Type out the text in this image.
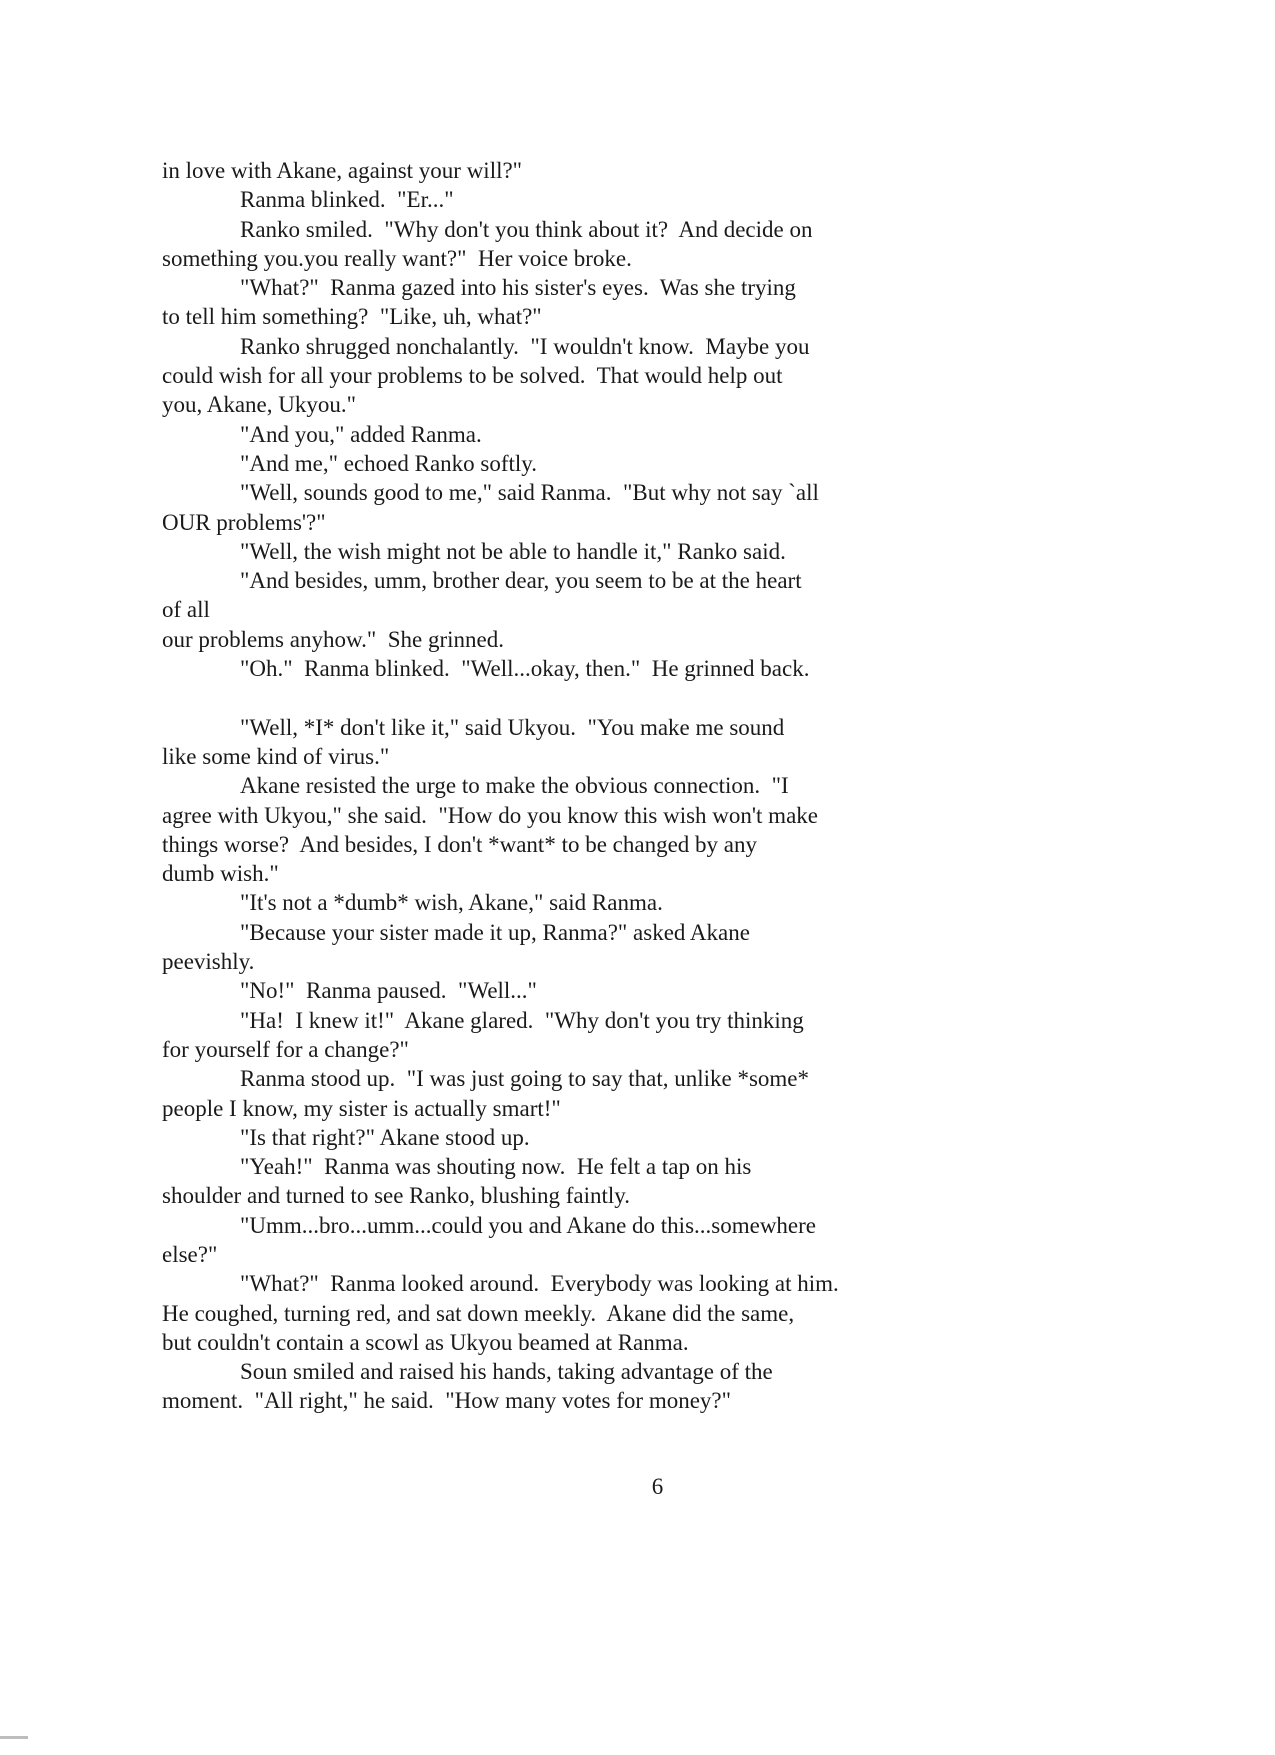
in love with Akane, against your will?"
Ranma blinked.  "Er..."
Ranko smiled.  "Why don't you think about it?  And decide on
something you.you really want?"  Her voice broke.
"What?"  Ranma gazed into his sister's eyes.  Was she trying
to tell him something?  "Like, uh, what?"
Ranko shrugged nonchalantly.  "I wouldn't know.  Maybe you
could wish for all your problems to be solved.  That would help out
you, Akane, Ukyou."
"And you," added Ranma.
"And me," echoed Ranko softly.
"Well, sounds good to me," said Ranma.  "But why not say `all
OUR problems'?"
"Well, the wish might not be able to handle it," Ranko said.
"And besides, umm, brother dear, you seem to be at the heart
of all
our problems anyhow."  She grinned.
"Oh."  Ranma blinked.  "Well...okay, then."  He grinned back.
"Well, *I* don't like it," said Ukyou.  "You make me sound
like some kind of virus."
Akane resisted the urge to make the obvious connection.  "I
agree with Ukyou," she said.  "How do you know this wish won't make
things worse?  And besides, I don't *want* to be changed by any
dumb wish."
"It's not a *dumb* wish, Akane," said Ranma.
"Because your sister made it up, Ranma?" asked Akane
peevishly.
"No!"  Ranma paused.  "Well..."
"Ha!  I knew it!"  Akane glared.  "Why don't you try thinking
for yourself for a change?"
Ranma stood up.  "I was just going to say that, unlike *some*
people I know, my sister is actually smart!"
"Is that right?" Akane stood up.
"Yeah!"  Ranma was shouting now.  He felt a tap on his
shoulder and turned to see Ranko, blushing faintly.
"Umm...bro...umm...could you and Akane do this...somewhere
else?"
"What?"  Ranma looked around.  Everybody was looking at him.
He coughed, turning red, and sat down meekly.  Akane did the same,
but couldn't contain a scowl as Ukyou beamed at Ranma.
Soun smiled and raised his hands, taking advantage of the
moment.  "All right," he said.  "How many votes for money?"
6
